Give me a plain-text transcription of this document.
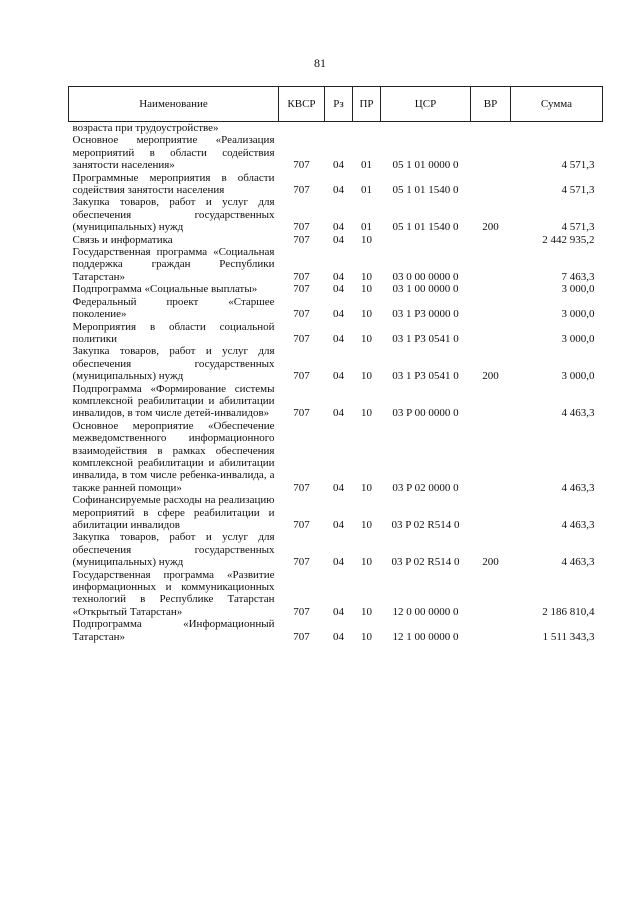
81
Наименование	КВСР	Рз	ПР	ЦСР	ВР	Сумма
возраста при трудоустройстве»						
Основное мероприятие «Реализация мероприятий в области содействия занятости населения»	707	04	01	05 1 01 0000 0		4 571,3
Программные мероприятия в области содействия занятости населения	707	04	01	05 1 01 1540 0		4 571,3
Закупка товаров, работ и услуг для обеспечения государственных (муниципальных) нужд	707	04	01	05 1 01 1540 0	200	4 571,3
Связь и информатика	707	04	10			2 442 935,2
Государственная программа «Социальная поддержка граждан Республики Татарстан»	707	04	10	03 0 00 0000 0		7 463,3
Подпрограмма «Социальные выплаты»	707	04	10	03 1 00 0000 0		3 000,0
Федеральный проект «Старшее поколение»	707	04	10	03 1 P3 0000 0		3 000,0
Мероприятия в области социальной политики	707	04	10	03 1 P3 0541 0		3 000,0
Закупка товаров, работ и услуг для обеспечения государственных (муниципальных) нужд	707	04	10	03 1 P3 0541 0	200	3 000,0
Подпрограмма «Формирование системы комплексной реабилитации и абилитации инвалидов, в том числе детей-инвалидов»	707	04	10	03 P 00 0000 0		4 463,3
Основное мероприятие «Обеспечение межведомственного информационного взаимодействия в рамках обеспечения комплексной реабилитации и абилитации инвалида, в том числе ребенка-инвалида, а также ранней помощи»	707	04	10	03 P 02 0000 0		4 463,3
Софинансируемые расходы на реализацию мероприятий в сфере реабилитации и абилитации инвалидов	707	04	10	03 P 02 R514 0		4 463,3
Закупка товаров, работ и услуг для обеспечения государственных (муниципальных) нужд	707	04	10	03 P 02 R514 0	200	4 463,3
Государственная программа «Развитие информационных и коммуникационных технологий в Республике Татарстан «Открытый Татарстан»	707	04	10	12 0 00 0000 0		2 186 810,4
Подпрограмма «Информационный Татарстан»	707	04	10	12 1 00 0000 0		1 511 343,3
